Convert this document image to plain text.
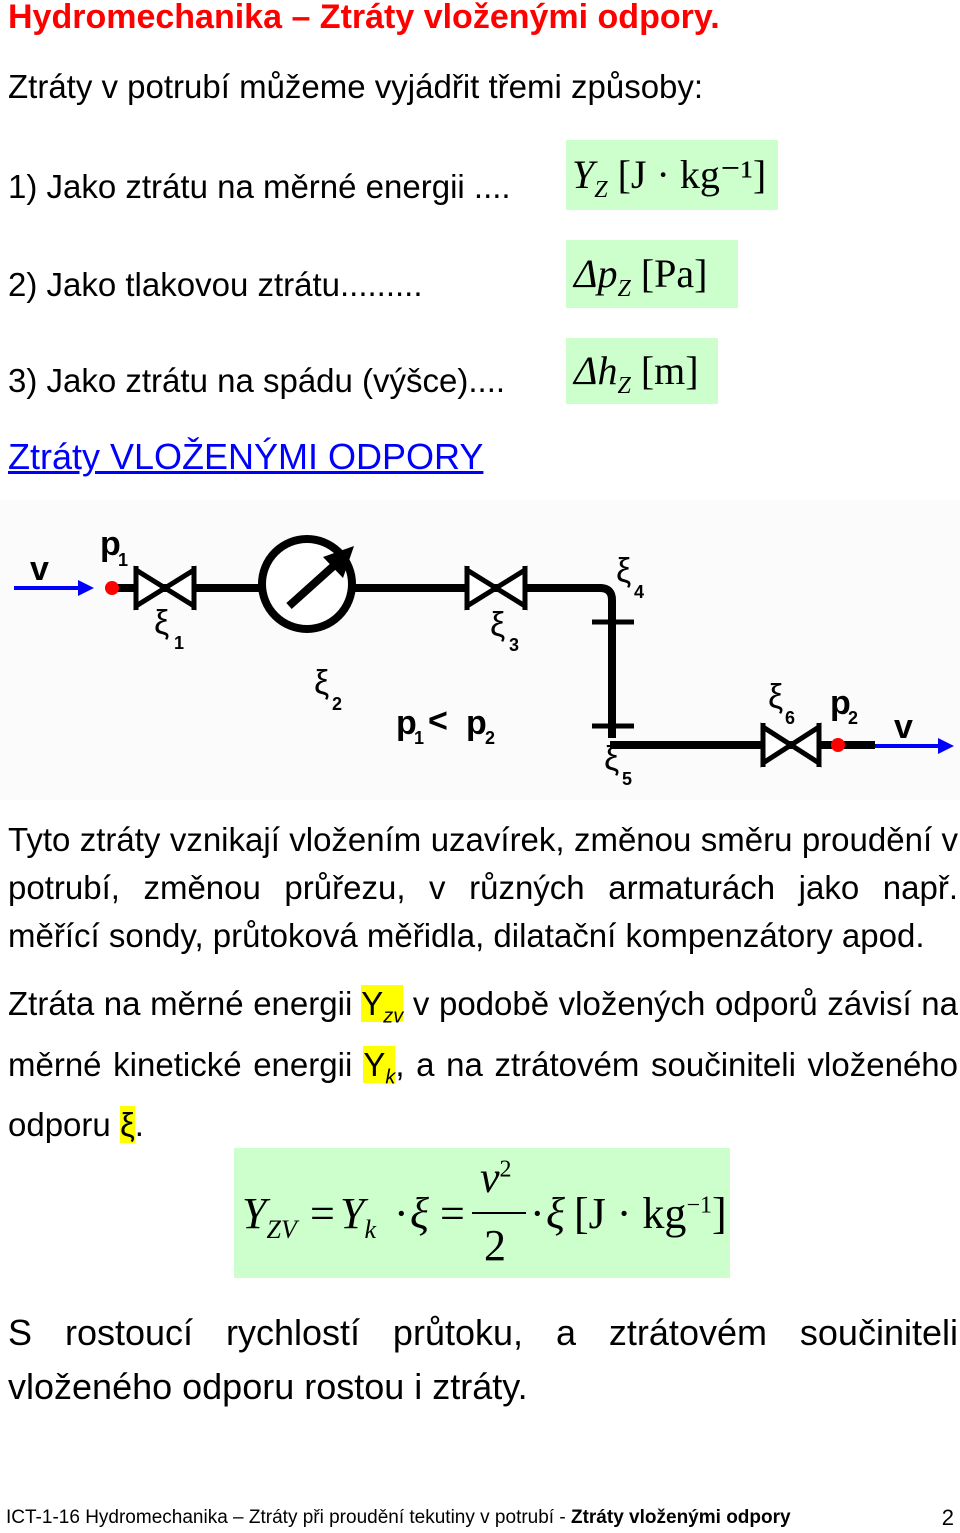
Hydromechanika – Ztráty vloženými odpory.
Ztráty v potrubí můžeme vyjádřit třemi způsoby:
1) Jako ztrátu na měrné energii .... $Y_Z$ [J · kg⁻¹]
2) Jako tlakovou ztrátu.........	$\Delta p_Z$ [Pa]
3) Jako ztrátu na spádu (výšce).... $\Delta h_Z$ [m]
Ztráty VLOŽENÝMI ODPORY
v
p
1
ξ
1
ξ
2
ξ
3
ξ
4
ξ
5
p
1 < p
2
ξ
6 p
2 v
Tyto ztráty vznikají vložením uzavírek, změnou směru proudění v potrubí, změnou průřezu, v různých armaturách jako např. měřící sondy, průtoková měřidla, dilatační kompenzátory apod.
Ztráta na měrné energii $Y_{zv}$ v podobě vložených odporů závisí na měrné kinetické energii $Y_k$, a na ztrátovém součiniteli vloženého odporu ξ.
$Y_{ZV} = Y_k \cdot \xi$ =
$v^2$
2
· ξ $[J \cdot kg^{-1}]$
S rostoucí rychlostí průtoku, a ztrátovém součiniteli vloženého odporu rostou i ztráty.
ICT-1-16 Hydromechanika – Ztráty při proudění tekutiny v potrubí - Ztráty vloženými odpory	2
